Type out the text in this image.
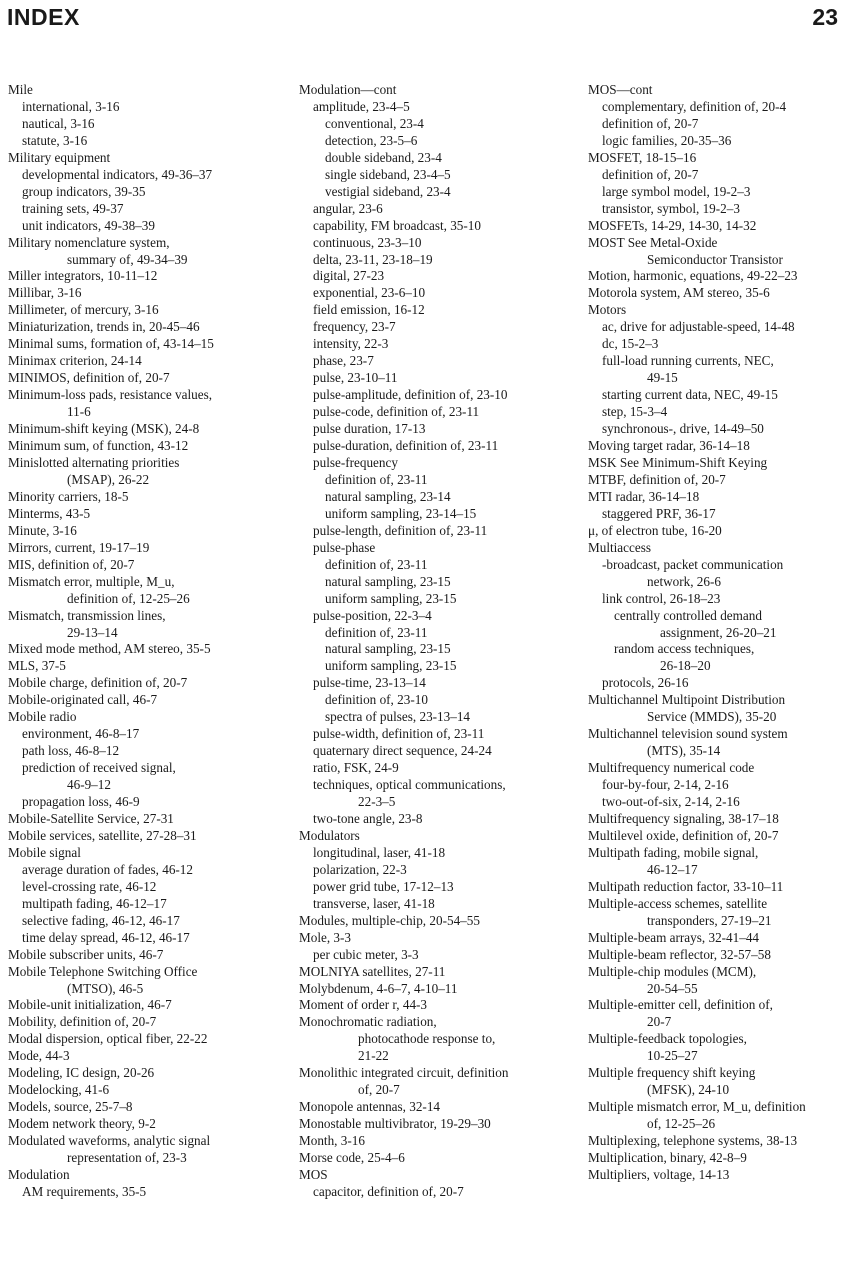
INDEX	23
Mile
international, 3-16
nautical, 3-16
statute, 3-16
Military equipment
developmental indicators, 49-36–37
group indicators, 39-35
training sets, 49-37
unit indicators, 49-38–39
Military nomenclature system,
summary of, 49-34–39
Miller integrators, 10-11–12
Millibar, 3-16
Millimeter, of mercury, 3-16
Miniaturization, trends in, 20-45–46
Minimal sums, formation of, 43-14–15
Minimax criterion, 24-14
MINIMOS, definition of, 20-7
Minimum-loss pads, resistance values,
11-6
Minimum-shift keying (MSK), 24-8
Minimum sum, of function, 43-12
Minislotted alternating priorities
(MSAP), 26-22
Minority carriers, 18-5
Minterms, 43-5
Minute, 3-16
Mirrors, current, 19-17–19
MIS, definition of, 20-7
Mismatch error, multiple, M_u,
definition of, 12-25–26
Mismatch, transmission lines,
29-13–14
Mixed mode method, AM stereo, 35-5
MLS, 37-5
Mobile charge, definition of, 20-7
Mobile-originated call, 46-7
Mobile radio
environment, 46-8–17
path loss, 46-8–12
prediction of received signal,
46-9–12
propagation loss, 46-9
Mobile-Satellite Service, 27-31
Mobile services, satellite, 27-28–31
Mobile signal
average duration of fades, 46-12
level-crossing rate, 46-12
multipath fading, 46-12–17
selective fading, 46-12, 46-17
time delay spread, 46-12, 46-17
Mobile subscriber units, 46-7
Mobile Telephone Switching Office
(MTSO), 46-5
Mobile-unit initialization, 46-7
Mobility, definition of, 20-7
Modal dispersion, optical fiber, 22-22
Mode, 44-3
Modeling, IC design, 20-26
Modelocking, 41-6
Models, source, 25-7–8
Modem network theory, 9-2
Modulated waveforms, analytic signal
representation of, 23-3
Modulation
AM requirements, 35-5
Modulation—cont
amplitude, 23-4–5
conventional, 23-4
detection, 23-5–6
double sideband, 23-4
single sideband, 23-4–5
vestigial sideband, 23-4
angular, 23-6
capability, FM broadcast, 35-10
continuous, 23-3–10
delta, 23-11, 23-18–19
digital, 27-23
exponential, 23-6–10
field emission, 16-12
frequency, 23-7
intensity, 22-3
phase, 23-7
pulse, 23-10–11
pulse-amplitude, definition of, 23-10
pulse-code, definition of, 23-11
pulse duration, 17-13
pulse-duration, definition of, 23-11
pulse-frequency
definition of, 23-11
natural sampling, 23-14
uniform sampling, 23-14–15
pulse-length, definition of, 23-11
pulse-phase
definition of, 23-11
natural sampling, 23-15
uniform sampling, 23-15
pulse-position, 22-3–4
definition of, 23-11
natural sampling, 23-15
uniform sampling, 23-15
pulse-time, 23-13–14
definition of, 23-10
spectra of pulses, 23-13–14
pulse-width, definition of, 23-11
quaternary direct sequence, 24-24
ratio, FSK, 24-9
techniques, optical communications,
22-3–5
two-tone angle, 23-8
Modulators
longitudinal, laser, 41-18
polarization, 22-3
power grid tube, 17-12–13
transverse, laser, 41-18
Modules, multiple-chip, 20-54–55
Mole, 3-3
per cubic meter, 3-3
MOLNIYA satellites, 27-11
Molybdenum, 4-6–7, 4-10–11
Moment of order r, 44-3
Monochromatic radiation,
photocathode response to,
21-22
Monolithic integrated circuit, definition
of, 20-7
Monopole antennas, 32-14
Monostable multivibrator, 19-29–30
Month, 3-16
Morse code, 25-4–6
MOS
capacitor, definition of, 20-7
MOS—cont
complementary, definition of, 20-4
definition of, 20-7
logic families, 20-35–36
MOSFET, 18-15–16
definition of, 20-7
large symbol model, 19-2–3
transistor, symbol, 19-2–3
MOSFETs, 14-29, 14-30, 14-32
MOST See Metal-Oxide
Semiconductor Transistor
Motion, harmonic, equations, 49-22–23
Motorola system, AM stereo, 35-6
Motors
ac, drive for adjustable-speed, 14-48
dc, 15-2–3
full-load running currents, NEC,
49-15
starting current data, NEC, 49-15
step, 15-3–4
synchronous-, drive, 14-49–50
Moving target radar, 36-14–18
MSK See Minimum-Shift Keying
MTBF, definition of, 20-7
MTI radar, 36-14–18
staggered PRF, 36-17
μ, of electron tube, 16-20
Multiaccess
-broadcast, packet communication
network, 26-6
link control, 26-18–23
centrally controlled demand
assignment, 26-20–21
random access techniques,
26-18–20
protocols, 26-16
Multichannel Multipoint Distribution
Service (MMDS), 35-20
Multichannel television sound system
(MTS), 35-14
Multifrequency numerical code
four-by-four, 2-14, 2-16
two-out-of-six, 2-14, 2-16
Multifrequency signaling, 38-17–18
Multilevel oxide, definition of, 20-7
Multipath fading, mobile signal,
46-12–17
Multipath reduction factor, 33-10–11
Multiple-access schemes, satellite
transponders, 27-19–21
Multiple-beam arrays, 32-41–44
Multiple-beam reflector, 32-57–58
Multiple-chip modules (MCM),
20-54–55
Multiple-emitter cell, definition of,
20-7
Multiple-feedback topologies,
10-25–27
Multiple frequency shift keying
(MFSK), 24-10
Multiple mismatch error, M_u, definition
of, 12-25–26
Multiplexing, telephone systems, 38-13
Multiplication, binary, 42-8–9
Multipliers, voltage, 14-13
